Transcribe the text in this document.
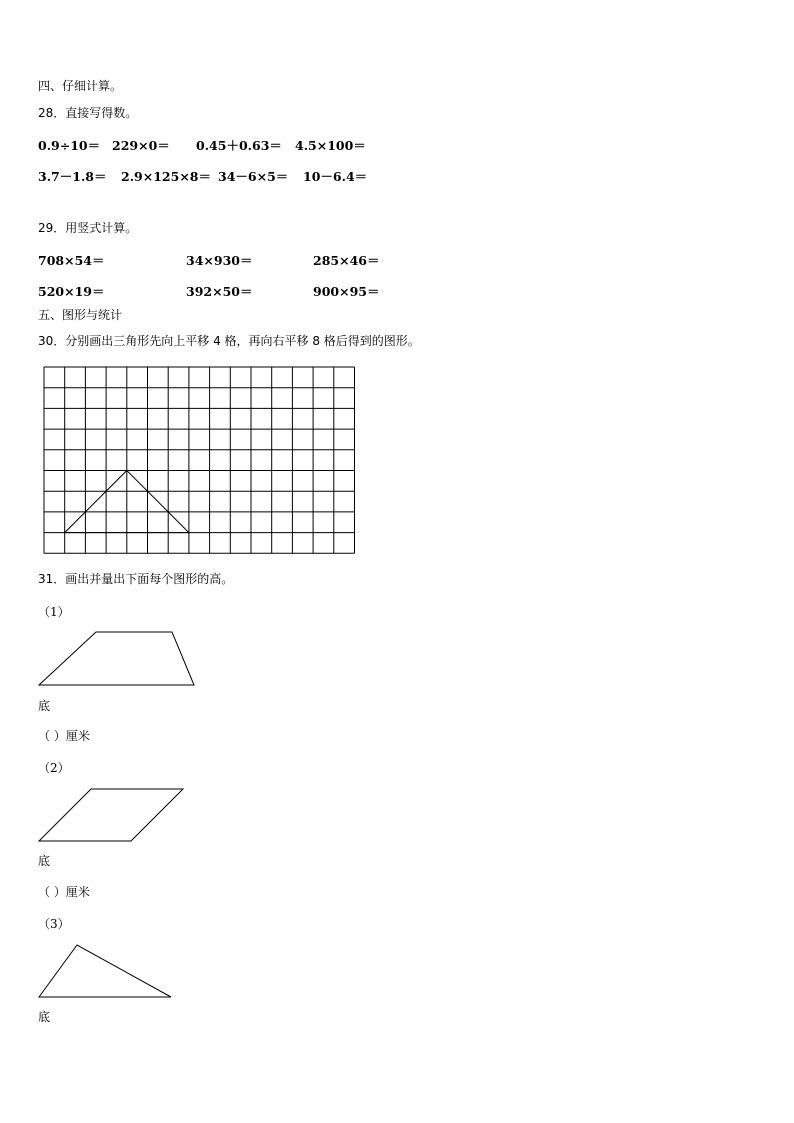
四、仔细计算。
28．直接写得数。
0.9÷10＝ 229×0＝ 0.45＋0.63＝ 4.5×100＝
3.7－1.8＝ 2.9×125×8＝ 34－6×5＝ 10－6.4＝
29．用竖式计算。
708×54＝	34×930＝	285×46＝
520×19＝	392×50＝	900×95＝
五、图形与统计
30．分别画出三角形先向上平移 4 格，再向右平移 8 格后得到的图形。
31．画出并量出下面每个图形的高。
（1）
底
（ ）厘米
（2）
底
（ ）厘米
（3）
底
